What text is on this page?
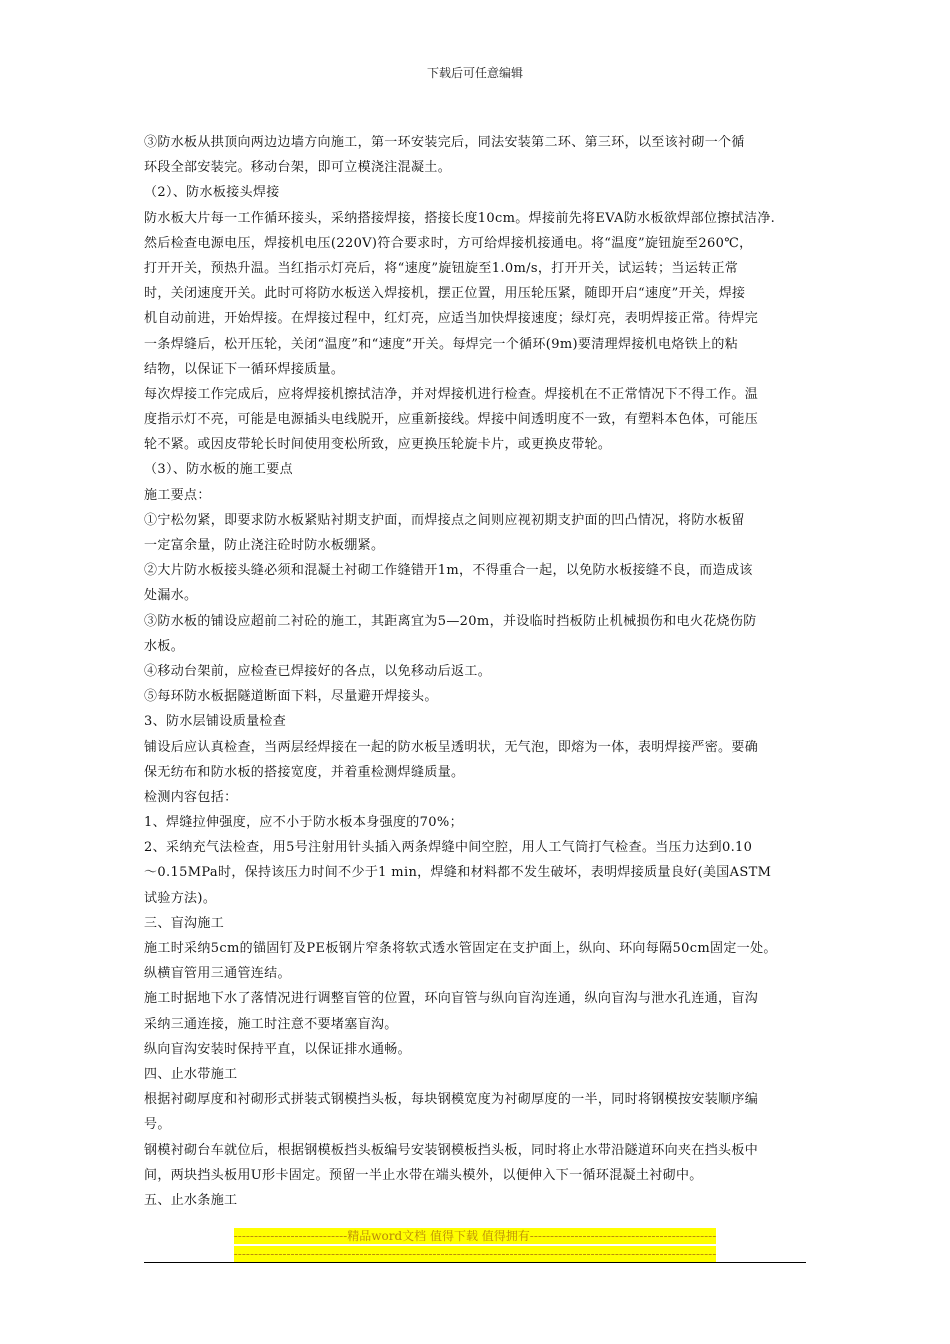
下载后可任意编辑
③防水板从拱顶向两边边墙方向施工，第一环安装完后，同法安装第二环、第三环，以至该衬砌一个循
环段全部安装完。移动台架，即可立模浇注混凝土。
（2）、防水板接头焊接
防水板大片每一工作循环接头，采纳搭接焊接，搭接长度10cm。焊接前先将EVA防水板欲焊部位擦拭洁净.
然后检查电源电压，焊接机电压(220V)符合要求时，方可给焊接机接通电。将“温度”旋钮旋至260℃，
打开开关，预热升温。当红指示灯亮后，将“速度”旋钮旋至1.0m/s，打开开关，试运转；当运转正常
时，关闭速度开关。此时可将防水板送入焊接机，摆正位置，用压轮压紧，随即开启“速度”开关，焊接
机自动前进，开始焊接。在焊接过程中，红灯亮，应适当加快焊接速度；绿灯亮，表明焊接正常。待焊完
一条焊缝后，松开压轮，关闭“温度”和“速度”开关。每焊完一个循环(9m)要清理焊接机电烙铁上的粘
结物，以保证下一循环焊接质量。
每次焊接工作完成后，应将焊接机擦拭洁净，并对焊接机进行检查。焊接机在不正常情况下不得工作。温
度指示灯不亮，可能是电源插头电线脱开，应重新接线。焊接中间透明度不一致，有塑料本色体，可能压
轮不紧。或因皮带轮长时间使用变松所致，应更换压轮旋卡片，或更换皮带轮。
（3）、防水板的施工要点
施工要点：
①宁松勿紧，即要求防水板紧贴衬期支护面，而焊接点之间则应视初期支护面的凹凸情况，将防水板留
一定富余量，防止浇注砼时防水板绷紧。
②大片防水板接头缝必须和混凝土衬砌工作缝错开1m，不得重合一起，以免防水板接缝不良，而造成该
处漏水。
③防水板的铺设应超前二衬砼的施工，其距离宜为5—20m，并设临时挡板防止机械损伤和电火花烧伤防
水板。
④移动台架前，应检查已焊接好的各点，以免移动后返工。
⑤每环防水板据隧道断面下料，尽量避开焊接头。
3、防水层铺设质量检查
铺设后应认真检查，当两层经焊接在一起的防水板呈透明状，无气泡，即熔为一体，表明焊接严密。要确
保无纺布和防水板的搭接宽度，并着重检测焊缝质量。
检测内容包括：
1、焊缝拉伸强度，应不小于防水板本身强度的70%；
2、采纳充气法检查，用5号注射用针头插入两条焊缝中间空腔，用人工气筒打气检查。当压力达到0.10
～0.15MPa时，保持该压力时间不少于1 min，焊缝和材料都不发生破坏，表明焊接质量良好(美国ASTM
试验方法)。
三、盲沟施工
施工时采纳5cm的锚固钉及PE板钢片窄条将软式透水管固定在支护面上，纵向、环向每隔50cm固定一处。
纵横盲管用三通管连结。
施工时据地下水了落情况进行调整盲管的位置，环向盲管与纵向盲沟连通，纵向盲沟与泄水孔连通，盲沟
采纳三通连接，施工时注意不要堵塞盲沟。
纵向盲沟安装时保持平直，以保证排水通畅。
四、止水带施工
根据衬砌厚度和衬砌形式拼装式钢模挡头板，每块钢模宽度为衬砌厚度的一半，同时将钢模按安装顺序编
号。
钢模衬砌台车就位后，根据钢模板挡头板编号安装钢模板挡头板，同时将止水带沿隧道环向夹在挡头板中
间，两块挡头板用U形卡固定。预留一半止水带在端头模外，以便伸入下一循环混凝土衬砌中。
五、止水条施工
----------------------------精品word文档 值得下载 值得拥有----------------------------------------------
-----------------------------------------------------------------------------------------------------------------------
